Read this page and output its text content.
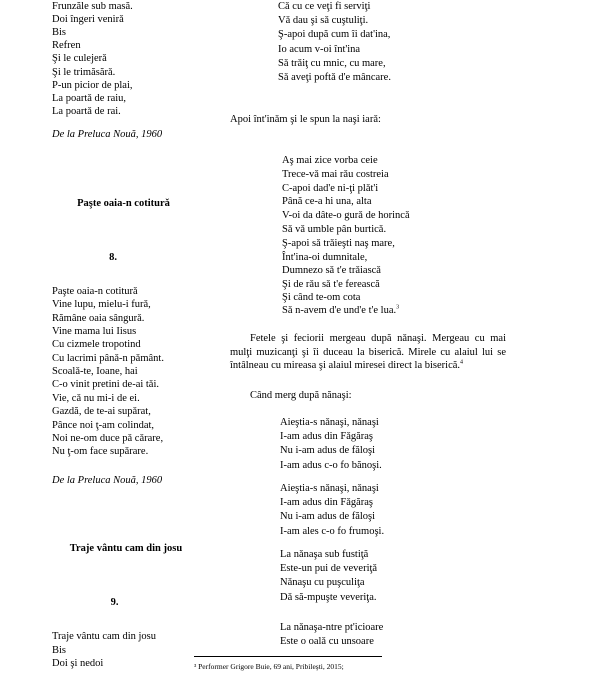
Frunzăle sub masă.
Doi îngeri venirǎ
Bis
Refren
Şi le culejerǎ
Şi le trimăsărǎ.
P-un picior de plai,
La poartǎ de raiu,
La poartǎ de rai.
De la Preluca Nouă, 1960
Paşte oaia-n cotiturǎ
8.
Paşte oaia-n cotiturǎ
Vine lupu, mielu-i furǎ,
Rămâne oaia sângurǎ.
Vine mama lui Iisus
Cu cizmele tropotind
Cu lacrimi pânǎ-n pǎmânt.
Scoalǎ-te, Ioane, hai
C-o vinit pretini de-ai tǎi.
Vie, cǎ nu mi-i de ei.
Gazdă, de te-ai supǎrat,
Pânce noi ţ-am colindat,
Noi ne-om duce pǎ cǎrare,
Nu ţ-om face supǎrare.
De la Preluca Nouă, 1960
Traje vântu cam din josu
9.
Traje vântu cam din josu
Bis
Doi şi nedoi
Cǎ cu ce veţi fi serviţi
Vǎ dau şi sǎ cuştuliţi.
Ş-apoi după cum îi dat'ina,
Io acum v-oi înt'ina
Sǎ trǎiţ cu mnic, cu mare,
Sǎ aveţi poftǎ d'e mâncare.
Apoi înt'inǎm şi le spun la naşi iarǎ:
Aş mai zice vorba ceie
Trece-vǎ mai rǎu costreia
C-apoi dad'e ni-ţi plǎt'i
Până ce-a hi una, alta
V-oi da dâte-o gurǎ de horincǎ
Sǎ vǎ umble pân burticǎ.
Ş-apoi sǎ trǎieşti naş mare,
Înt'ina-oi dumnitale,
Dumnezo sǎ t'e trǎiascǎ
Şi de rǎu sǎ t'e ferească
Şi când te-om cota
Sǎ n-avem d'e und'e t'e lua.$^3$
Fetele şi feciorii mergeau după nǎnaşi. Mergeau cu mai mulţi muzicanţi şi îi duceau la biserică. Mirele cu alaiul lui se întâlneau cu mireasa şi alaiul miresei direct la biserică.$^4$
Când merg după nănaşi:
Aieştia-s nǎnaşi, nǎnaşi
I-am adus din Fǎgăraş
Nu i-am adus de făloşi
I-am adus c-o fo bănoşi.
Aieştia-s nǎnaşi, nǎnaşi
I-am adus din Fǎgăraş
Nu i-am adus de făloşi
I-am ales c-o fo frumoşi.
La nǎnaşa sub fustiţă
Este-un pui de veveriţǎ
Nǎnaşu cu puşculiţa
Dǎ să-mpuşte veveriţa.
La nǎnaşa-ntre pt'icioare
Este o oalǎ cu unsoare
³ Performer Grigore Buie, 69 ani, Pribileşti, 2015;
